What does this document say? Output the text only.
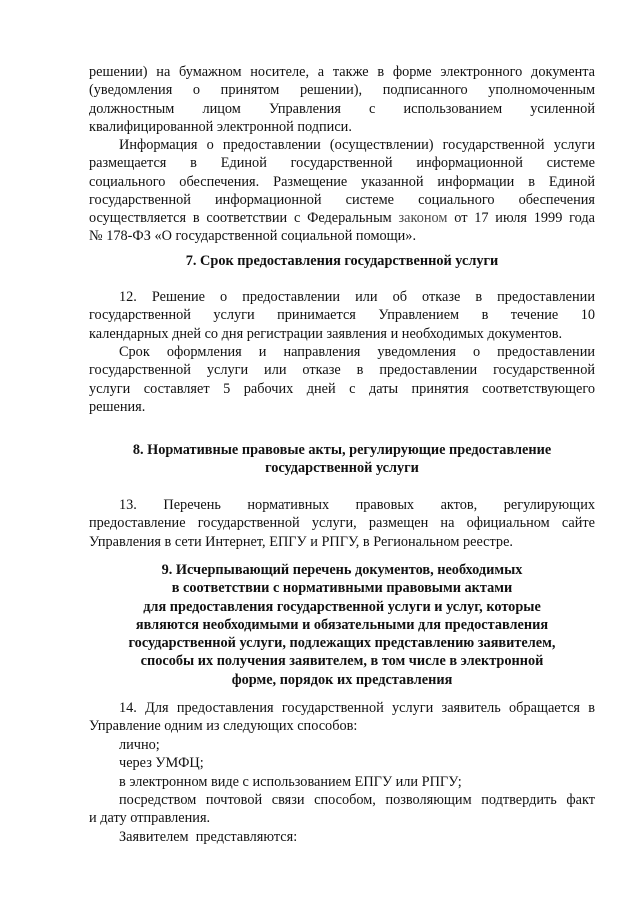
решении) на бумажном носителе, а также в форме электронного документа
(уведомления о принятом решении), подписанного уполномоченным
должностным лицом Управления с использованием усиленной
квалифицированной электронной подписи.
Информация о предоставлении (осуществлении) государственной услуги
размещается в Единой государственной информационной системе
социального обеспечения. Размещение указанной информации в Единой
государственной информационной системе социального обеспечения
осуществляется в соответствии с Федеральным законом от 17 июля 1999 года
№ 178-ФЗ «О государственной социальной помощи».
7. Срок предоставления государственной услуги
12. Решение о предоставлении или об отказе в предоставлении
государственной услуги принимается Управлением в течение 10
календарных дней со дня регистрации заявления и необходимых документов.
Срок оформления и направления уведомления о предоставлении
государственной услуги или отказе в предоставлении государственной
услуги составляет 5 рабочих дней с даты принятия соответствующего
решения.
8. Нормативные правовые акты, регулирующие предоставление
государственной услуги
13. Перечень нормативных правовых актов, регулирующих
предоставление государственной услуги, размещен на официальном сайте
Управления в сети Интернет, ЕПГУ и РПГУ, в Региональном реестре.
9. Исчерпывающий перечень документов, необходимых
в соответствии с нормативными правовыми актами
для предоставления государственной услуги и услуг, которые
являются необходимыми и обязательными для предоставления
государственной услуги, подлежащих представлению заявителем,
способы их получения заявителем, в том числе в электронной
форме, порядок их представления
14. Для предоставления государственной услуги заявитель обращается в
Управление одним из следующих способов:
лично;
через УМФЦ;
в электронном виде с использованием ЕПГУ или РПГУ;
посредством почтовой связи способом, позволяющим подтвердить факт
и дату отправления.
Заявителем  представляются:
